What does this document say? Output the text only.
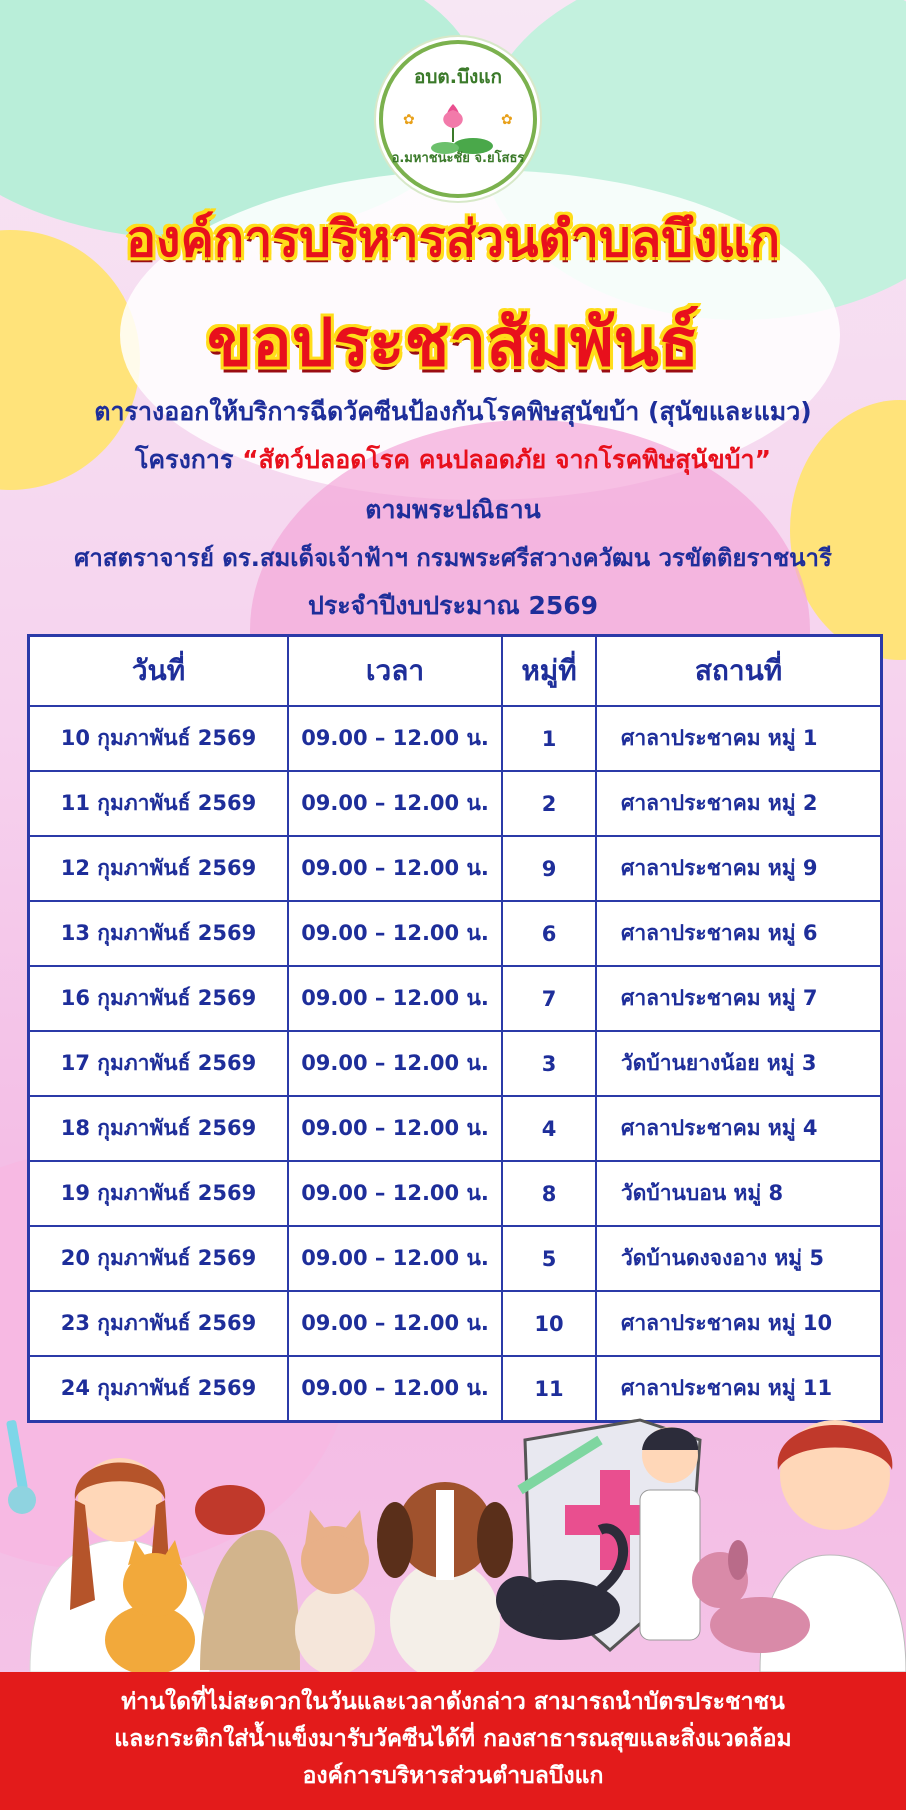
อบต.บึงแก
✿	✿
อ.มหาชนะชัย จ.ยโสธร
องค์การบริหารส่วนตำบลบึงแก
ขอประชาสัมพันธ์
ตารางออกให้บริการฉีดวัคซีนป้องกันโรคพิษสุนัขบ้า (สุนัขและแมว)
โครงการ “สัตว์ปลอดโรค คนปลอดภัย จากโรคพิษสุนัขบ้า”
ตามพระปณิธาน
ศาสตราจารย์ ดร.สมเด็จเจ้าฟ้าฯ กรมพระศรีสวางควัฒน วรขัตติยราชนารี
ประจำปีงบประมาณ 2569
วันที่	เวลา	หมู่ที่	สถานที่
10 กุมภาพันธ์ 2569	09.00 – 12.00 น.	1	ศาลาประชาคม หมู่ 1
11 กุมภาพันธ์ 2569	09.00 – 12.00 น.	2	ศาลาประชาคม หมู่ 2
12 กุมภาพันธ์ 2569	09.00 – 12.00 น.	9	ศาลาประชาคม หมู่ 9
13 กุมภาพันธ์ 2569	09.00 – 12.00 น.	6	ศาลาประชาคม หมู่ 6
16 กุมภาพันธ์ 2569	09.00 – 12.00 น.	7	ศาลาประชาคม หมู่ 7
17 กุมภาพันธ์ 2569	09.00 – 12.00 น.	3	วัดบ้านยางน้อย หมู่ 3
18 กุมภาพันธ์ 2569	09.00 – 12.00 น.	4	ศาลาประชาคม หมู่ 4
19 กุมภาพันธ์ 2569	09.00 – 12.00 น.	8	วัดบ้านบอน หมู่ 8
20 กุมภาพันธ์ 2569	09.00 – 12.00 น.	5	วัดบ้านดงจงอาง หมู่ 5
23 กุมภาพันธ์ 2569	09.00 – 12.00 น.	10	ศาลาประชาคม หมู่ 10
24 กุมภาพันธ์ 2569	09.00 – 12.00 น.	11	ศาลาประชาคม หมู่ 11
ท่านใดที่ไม่สะดวกในวันและเวลาดังกล่าว สามารถนำบัตรประชาชน
และกระติกใส่น้ำแข็งมารับวัคซีนได้ที่ กองสาธารณสุขและสิ่งแวดล้อม
องค์การบริหารส่วนตำบลบึงแก
